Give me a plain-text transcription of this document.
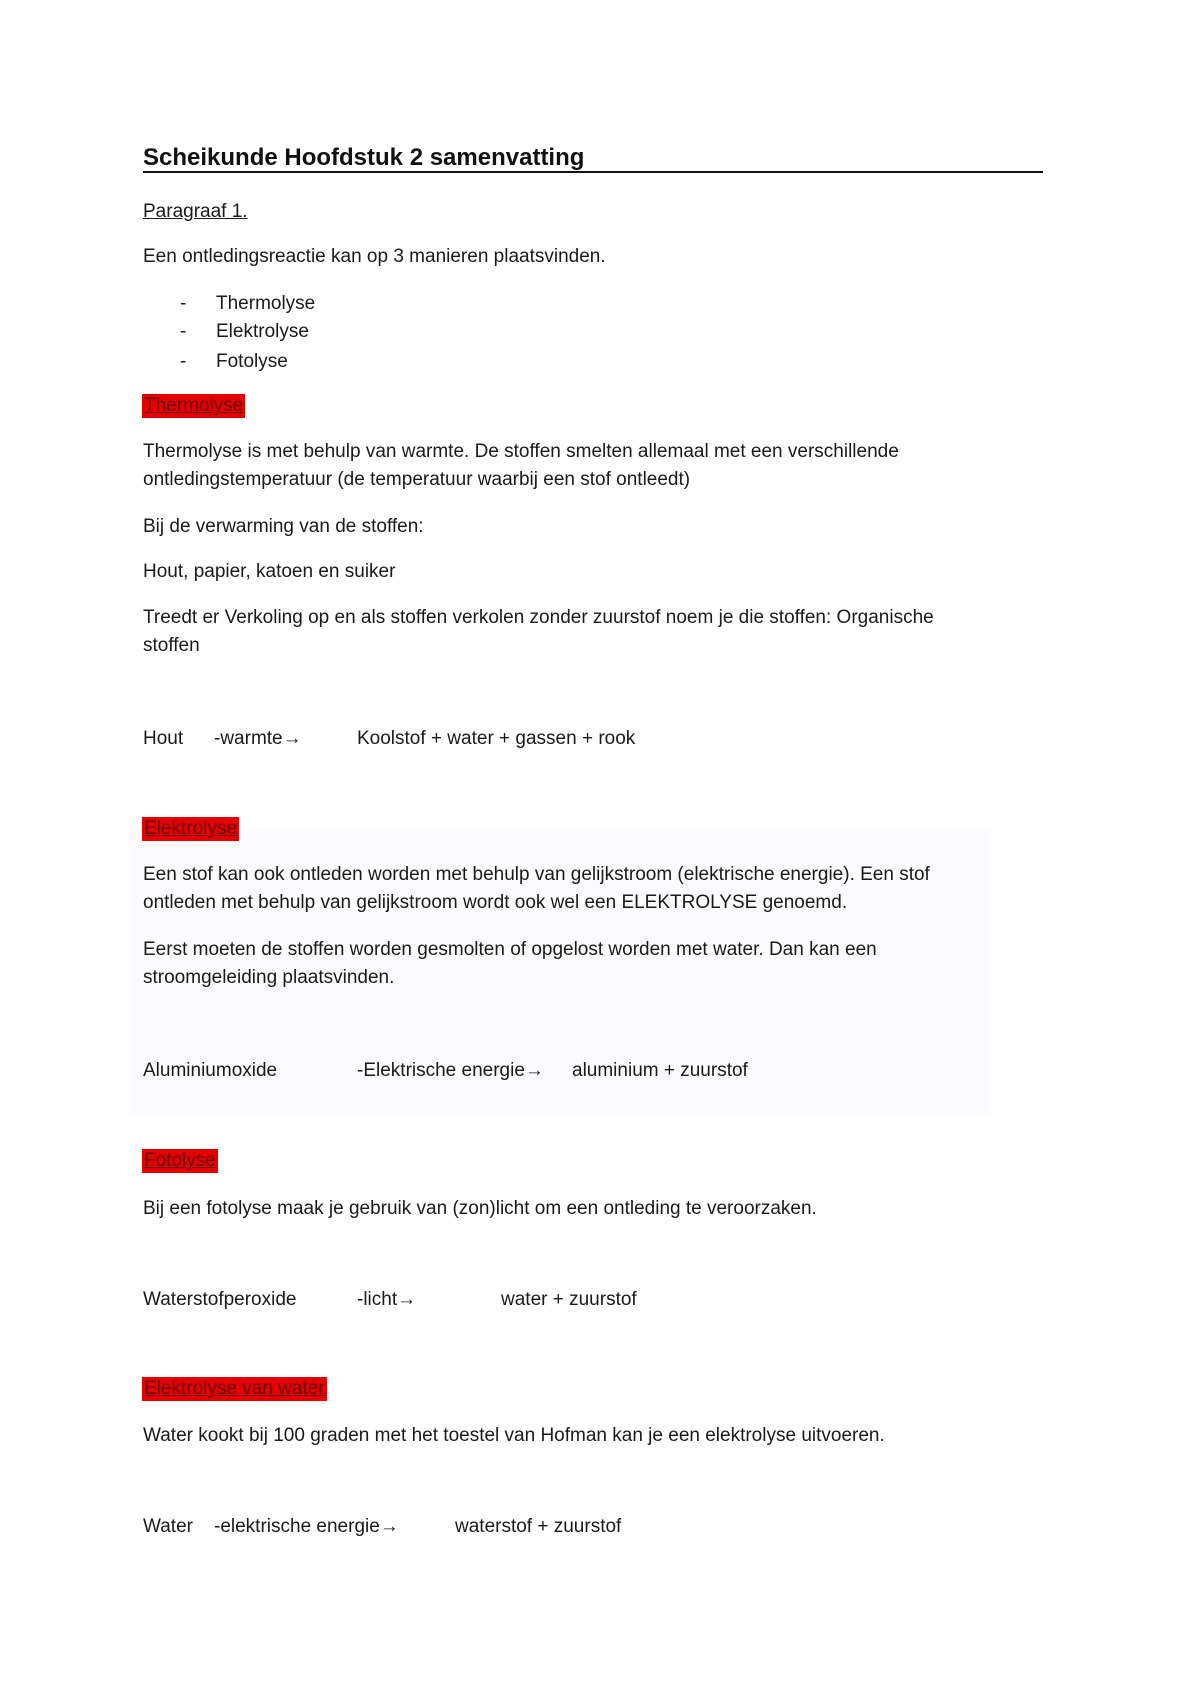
Scheikunde Hoofdstuk 2 samenvatting
Paragraaf 1.
Een ontledingsreactie kan op 3 manieren plaatsvinden.
- Thermolyse
- Elektrolyse
- Fotolyse
Thermolyse
Thermolyse is met behulp van warmte. De stoffen smelten allemaal met een verschillende
ontledingstemperatuur (de temperatuur waarbij een stof ontleedt)
Bij de verwarming van de stoffen:
Hout, papier, katoen en suiker
Treedt er Verkoling op en als stoffen verkolen zonder zuurstof noem je die stoffen: Organische
stoffen
Hout -warmte→	Koolstof + water + gassen + rook
Elektrolyse
Een stof kan ook ontleden worden met behulp van gelijkstroom (elektrische energie). Een stof
ontleden met behulp van gelijkstroom wordt ook wel een ELEKTROLYSE genoemd.
Eerst moeten de stoffen worden gesmolten of opgelost worden met water. Dan kan een
stroomgeleiding plaatsvinden.
Aluminiumoxide	-Elektrische energie→ aluminium + zuurstof
Fotolyse
Bij een fotolyse maak je gebruik van (zon)licht om een ontleding te veroorzaken.
Waterstofperoxide	-licht→	water + zuurstof
Elektrolyse van water
Water kookt bij 100 graden met het toestel van Hofman kan je een elektrolyse uitvoeren.
Water -elektrische energie→	waterstof + zuurstof
